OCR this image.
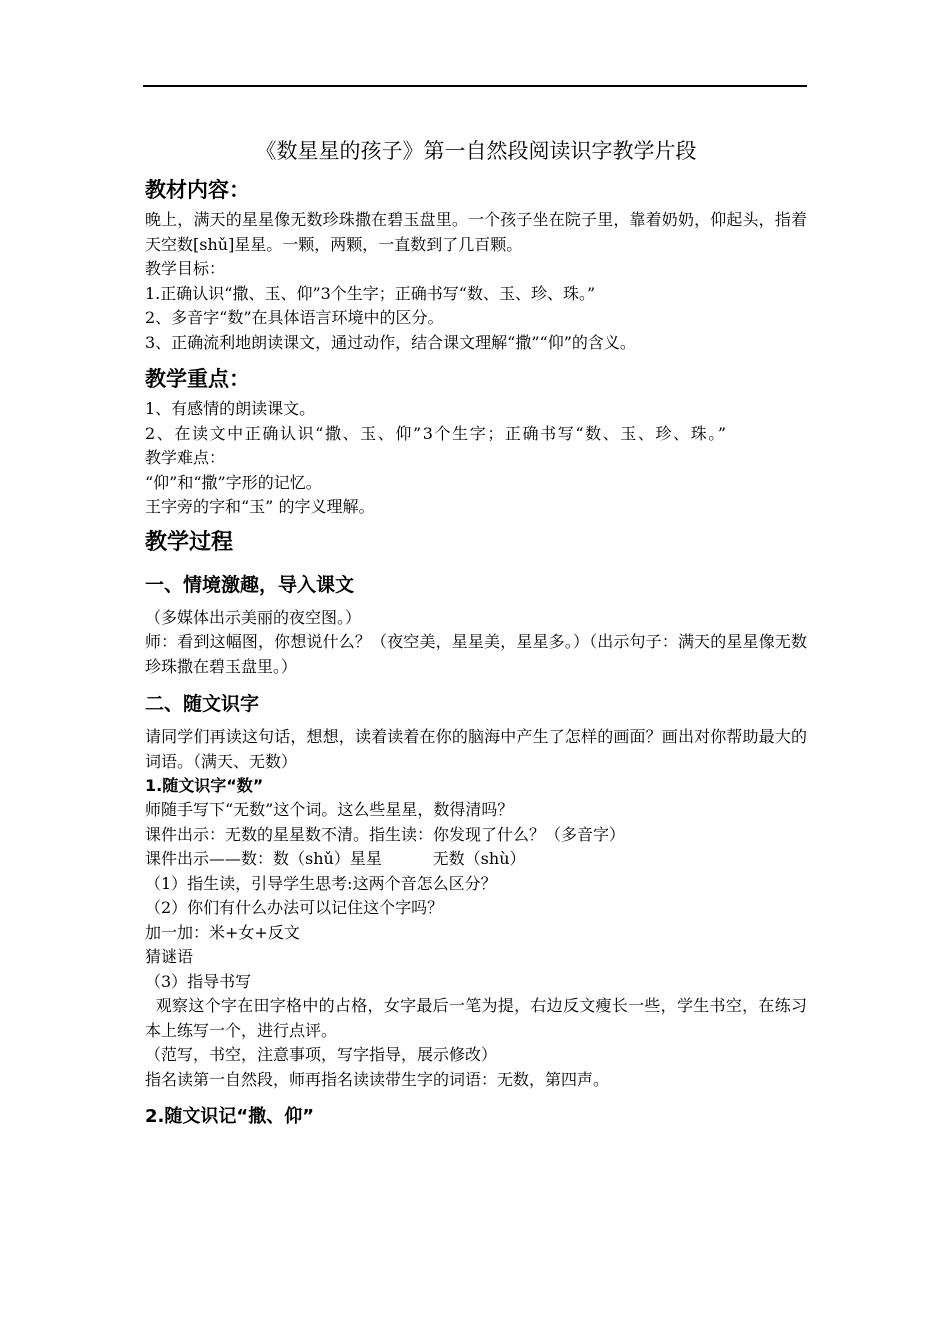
《数星星的孩子》第一自然段阅读识字教学片段
教材内容：

晚上，满天的星星像无数珍珠撒在碧玉盘里。一个孩子坐在院子里，靠着奶奶，仰起头，指着天空数[shǔ]星星。一颗，两颗，一直数到了几百颗。

教学目标：

1.正确认识“撒、玉、仰”3个生字；正确书写“数、玉、珍、珠。”

2、多音字“数”在具体语言环境中的区分。

3、正确流利地朗读课文，通过动作，结合课文理解“撒”“仰”的含义。

教学重点：

1、有感情的朗读课文。

2、在读文中正确认识“撒、玉、仰”3个生字；正确书写“数、玉、珍、珠。”

教学难点：

“仰”和“撒”字形的记忆。

王字旁的字和“玉” 的字义理解。

教学过程
一、情境激趣，导入课文

（多媒体出示美丽的夜空图。）

师：看到这幅图，你想说什么？（夜空美，星星美，星星多。）（出示句子：满天的星星像无数珍珠撒在碧玉盘里。）

二、随文识字

请同学们再读这句话，想想，读着读着在你的脑海中产生了怎样的画面？画出对你帮助最大的词语。（满天、无数）

1.随文识字“数”

师随手写下“无数”这个词。这么些星星，数得清吗？

课件出示：无数的星星数不清。指生读：你发现了什么？（多音字）

课件出示——数：数（shǔ）星星          无数（shù）

（1）指生读，引导学生思考:这两个音怎么区分？

（2）你们有什么办法可以记住这个字吗？

加一加：米+女+反文

猜谜语

（3）指导书写

观察这个字在田字格中的占格，女字最后一笔为提，右边反文瘦长一些，学生书空，在练习本上练写一个，进行点评。

（范写，书空，注意事项，写字指导，展示修改）

指名读第一自然段，师再指名读读带生字的词语：无数，第四声。

2.随文识记“撒、仰”
